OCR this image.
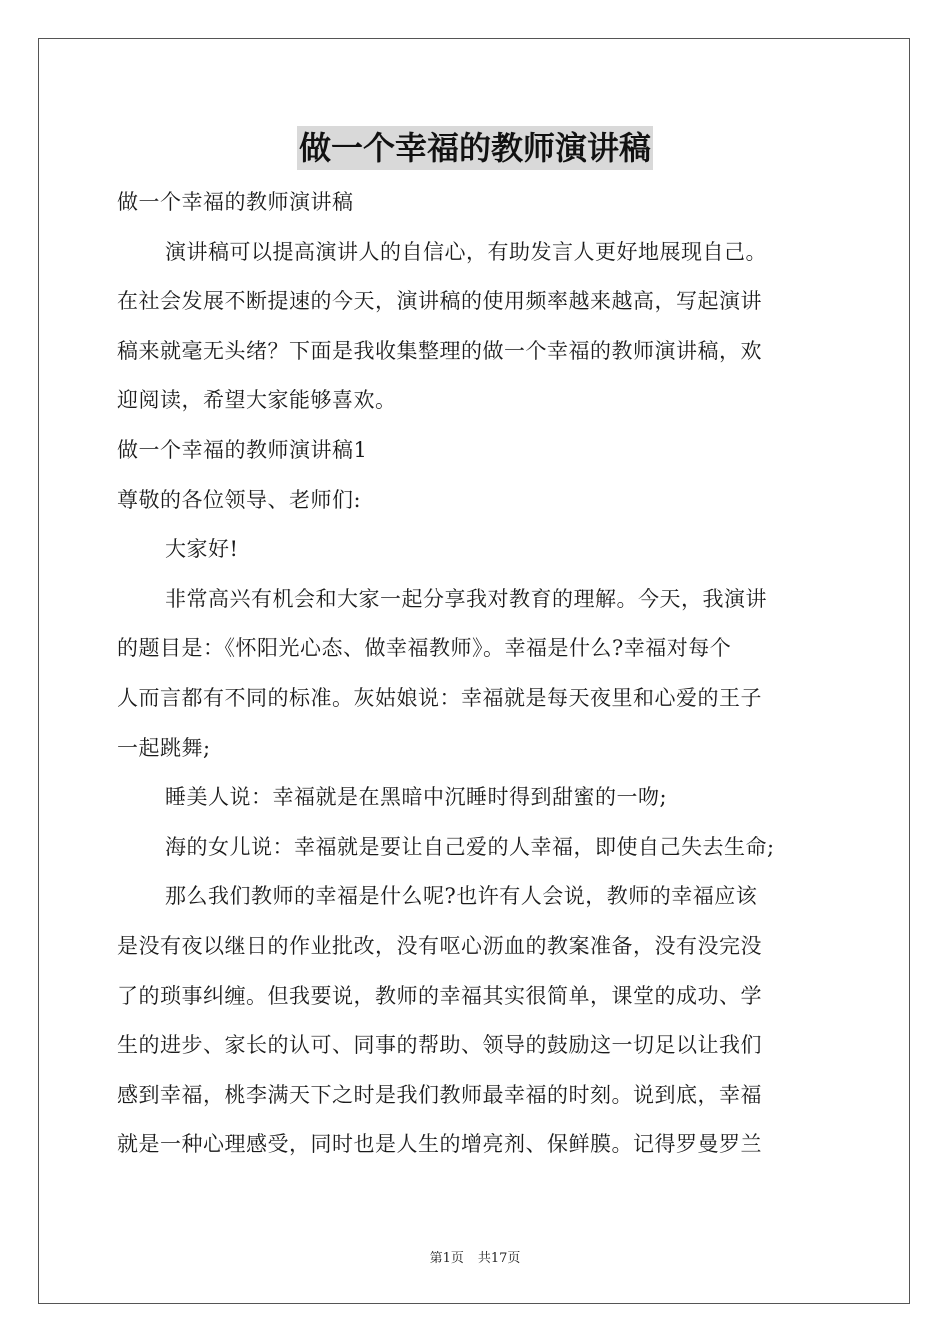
做一个幸福的教师演讲稿
做一个幸福的教师演讲稿
演讲稿可以提高演讲人的自信心，有助发言人更好地展现自己。
在社会发展不断提速的今天，演讲稿的使用频率越来越高，写起演讲
稿来就毫无头绪？下面是我收集整理的做一个幸福的教师演讲稿，欢
迎阅读，希望大家能够喜欢。
做一个幸福的教师演讲稿1
尊敬的各位领导、老师们:
大家好!
非常高兴有机会和大家一起分享我对教育的理解。今天，我演讲
的题目是：《怀阳光心态、做幸福教师》。幸福是什么?幸福对每个
人而言都有不同的标准。灰姑娘说：幸福就是每天夜里和心爱的王子
一起跳舞;
睡美人说：幸福就是在黑暗中沉睡时得到甜蜜的一吻;
海的女儿说：幸福就是要让自己爱的人幸福，即使自己失去生命;
那么我们教师的幸福是什么呢?也许有人会说，教师的幸福应该
是没有夜以继日的作业批改，没有呕心沥血的教案准备，没有没完没
了的琐事纠缠。但我要说，教师的幸福其实很简单，课堂的成功、学
生的进步、家长的认可、同事的帮助、领导的鼓励这一切足以让我们
感到幸福，桃李满天下之时是我们教师最幸福的时刻。说到底，幸福
就是一种心理感受，同时也是人生的增亮剂、保鲜膜。记得罗曼罗兰
第1页 共17页
